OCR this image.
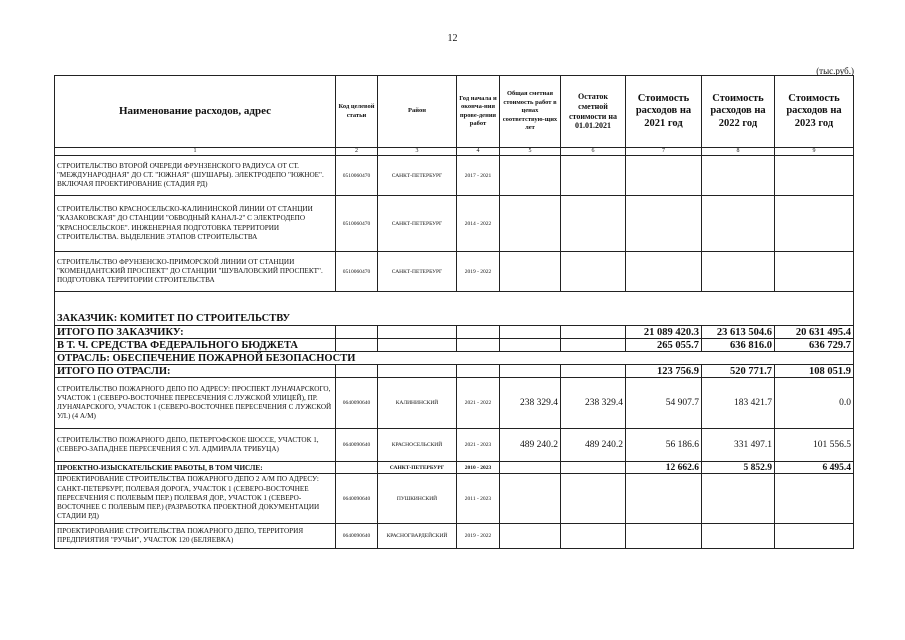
12
(тыс.руб.)
Наименование расходов, адрес	Код целевой статьи	Район	Год начала и оконча-ния прове-дения работ	Общая сметная стоимость работ в ценах соответствую-щих лет	Остаток сметной стоимости на 01.01.2021	Стоимость расходов на 2021 год	Стоимость расходов на 2022 год	Стоимость расходов на 2023 год
1	2	3	4	5	6	7	8	9
СТРОИТЕЛЬСТВО ВТОРОЙ ОЧЕРЕДИ ФРУНЗЕНСКОГО РАДИУСА ОТ СТ. "МЕЖДУНАРОДНАЯ" ДО СТ. "ЮЖНАЯ" (ШУШАРЫ). ЭЛЕКТРОДЕПО "ЮЖНОЕ". ВКЛЮЧАЯ ПРОЕКТИРОВАНИЕ (СТАДИЯ РД)	0510060470	САНКТ-ПЕТЕРБУРГ	2017 - 2021					
СТРОИТЕЛЬСТВО КРАСНОСЕЛЬСКО-КАЛИНИНСКОЙ ЛИНИИ ОТ СТАНЦИИ "КАЗАКОВСКАЯ" ДО СТАНЦИИ "ОБВОДНЫЙ КАНАЛ-2" С ЭЛЕКТРОДЕПО "КРАСНОСЕЛЬСКОЕ". ИНЖЕНЕРНАЯ ПОДГОТОВКА ТЕРРИТОРИИ СТРОИТЕЛЬСТВА. ВЫДЕЛЕНИЕ ЭТАПОВ СТРОИТЕЛЬСТВА	0510060470	САНКТ-ПЕТЕРБУРГ	2014 - 2022					
СТРОИТЕЛЬСТВО ФРУНЗЕНСКО-ПРИМОРСКОЙ ЛИНИИ ОТ СТАНЦИИ "КОМЕНДАНТСКИЙ ПРОСПЕКТ" ДО СТАНЦИИ "ШУВАЛОВСКИЙ ПРОСПЕКТ". ПОДГОТОВКА ТЕРРИТОРИИ СТРОИТЕЛЬСТВА	0510060470	САНКТ-ПЕТЕРБУРГ	2019 - 2022					

ЗАКАЗЧИК: КОМИТЕТ ПО СТРОИТЕЛЬСТВУ								
ИТОГО ПО ЗАКАЗЧИКУ:						21 089 420.3	23 613 504.6	20 631 495.4
В Т. Ч. СРЕДСТВА ФЕДЕРАЛЬНОГО БЮДЖЕТА						265 055.7	636 816.0	636 729.7
ОТРАСЛЬ: ОБЕСПЕЧЕНИЕ ПОЖАРНОЙ БЕЗОПАСНОСТИ								
ИТОГО ПО ОТРАСЛИ:						123 756.9	520 771.7	108 051.9
СТРОИТЕЛЬСТВО ПОЖАРНОГО ДЕПО ПО АДРЕСУ: ПРОСПЕКТ ЛУНАЧАРСКОГО, УЧАСТОК 1 (СЕВЕРО-ВОСТОЧНЕЕ ПЕРЕСЕЧЕНИЯ С ЛУЖСКОЙ УЛИЦЕЙ), ПР. ЛУНАЧАРСКОГО, УЧАСТОК 1 (СЕВЕРО-ВОСТОЧНЕЕ ПЕРЕСЕЧЕНИЯ С ЛУЖСКОЙ УЛ.) (4 А/М)	0640090640	КАЛИНИНСКИЙ	2021 - 2022	238 329.4	238 329.4	54 907.7	183 421.7	0.0
СТРОИТЕЛЬСТВО ПОЖАРНОГО ДЕПО, ПЕТЕРГОФСКОЕ ШОССЕ, УЧАСТОК 1, (СЕВЕРО-ЗАПАДНЕЕ ПЕРЕСЕЧЕНИЯ С УЛ. АДМИРАЛА ТРИБУЦА)	0640090640	КРАСНОСЕЛЬСКИЙ	2021 - 2023	489 240.2	489 240.2	56 186.6	331 497.1	101 556.5
ПРОЕКТНО-ИЗЫСКАТЕЛЬСКИЕ РАБОТЫ, В ТОМ ЧИСЛЕ:		САНКТ-ПЕТЕРБУРГ	2010 - 2023			12 662.6	5 852.9	6 495.4
ПРОЕКТИРОВАНИЕ СТРОИТЕЛЬСТВА ПОЖАРНОГО ДЕПО 2 А/М ПО АДРЕСУ: САНКТ-ПЕТЕРБУРГ, ПОЛЕВАЯ ДОРОГА, УЧАСТОК 1 (СЕВЕРО-ВОСТОЧНЕЕ ПЕРЕСЕЧЕНИЯ С ПОЛЕВЫМ ПЕР.) ПОЛЕВАЯ ДОР., УЧАСТОК 1 (СЕВЕРО-ВОСТОЧНЕЕ С ПОЛЕВЫМ ПЕР.) (РАЗРАБОТКА ПРОЕКТНОЙ ДОКУМЕНТАЦИИ СТАДИИ РД)	0640090640	ПУШКИНСКИЙ	2011 - 2023					
ПРОЕКТИРОВАНИЕ СТРОИТЕЛЬСТВА ПОЖАРНОГО ДЕПО, ТЕРРИТОРИЯ ПРЕДПРИЯТИЯ "РУЧЬИ", УЧАСТОК 120 (БЕЛЯЕВКА)	0640090640	КРАСНОГВАРДЕЙСКИЙ	2019 - 2022					
